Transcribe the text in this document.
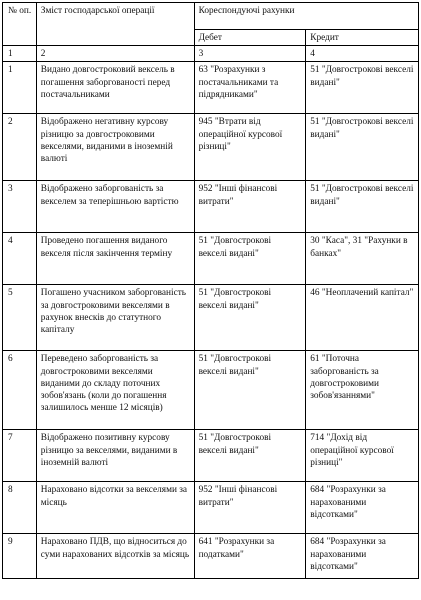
№ оп.	Зміст господарської операції	Кореспондуючі рахунки	
		Дебет	Кредит
1	2	3	4
1	Видано довгостроковий вексель в погашення заборгованості перед постачальниками	63 "Розрахунки з постачальниками та підрядниками"	51 "Довгострокові векселі видані"
2	Відображено негативну курсову різницю за довгостроковими векселями, виданими в іноземній валюті	945 "Втрати від операційної курсової різниці"	51 "Довгострокові векселі видані"
3	Відображено заборгованість за векселем за теперішньою вартістю	952 "Інші фінансові витрати"	51 "Довгострокові векселі видані"
4	Проведено погашення виданого векселя після закінчення терміну	51 "Довгострокові векселі видані"	30 "Каса", 31 "Рахунки в банках"
5	Погашено учасником заборгованість за довгостроковими векселями в рахунок внесків до статутного капіталу	51 "Довгострокові векселі видані"	46 "Неоплачений капітал"
6	Переведено заборгованість за довгостроковими векселями виданими до складу поточних зобов'язань (коли до погашення залишилось менше 12 місяців)	51 "Довгострокові векселі видані"	61 "Поточна заборгованість за довгостроковими зобов'язаннями"
7	Відображено позитивну курсову різницю за векселями, виданими в іноземній валюті	51 "Довгострокові векселі видані"	714 "Дохід від операційної курсової різниці"
8	Нараховано відсотки за векселями за місяць	952 "Інші фінансові витрати"	684 "Розрахунки за нарахованими відсотками"
9	Нараховано ПДВ, що відноситься до суми нарахованих відсотків за місяць	641 "Розрахунки за податками"	684 "Розрахунки за нарахованими відсотками"
